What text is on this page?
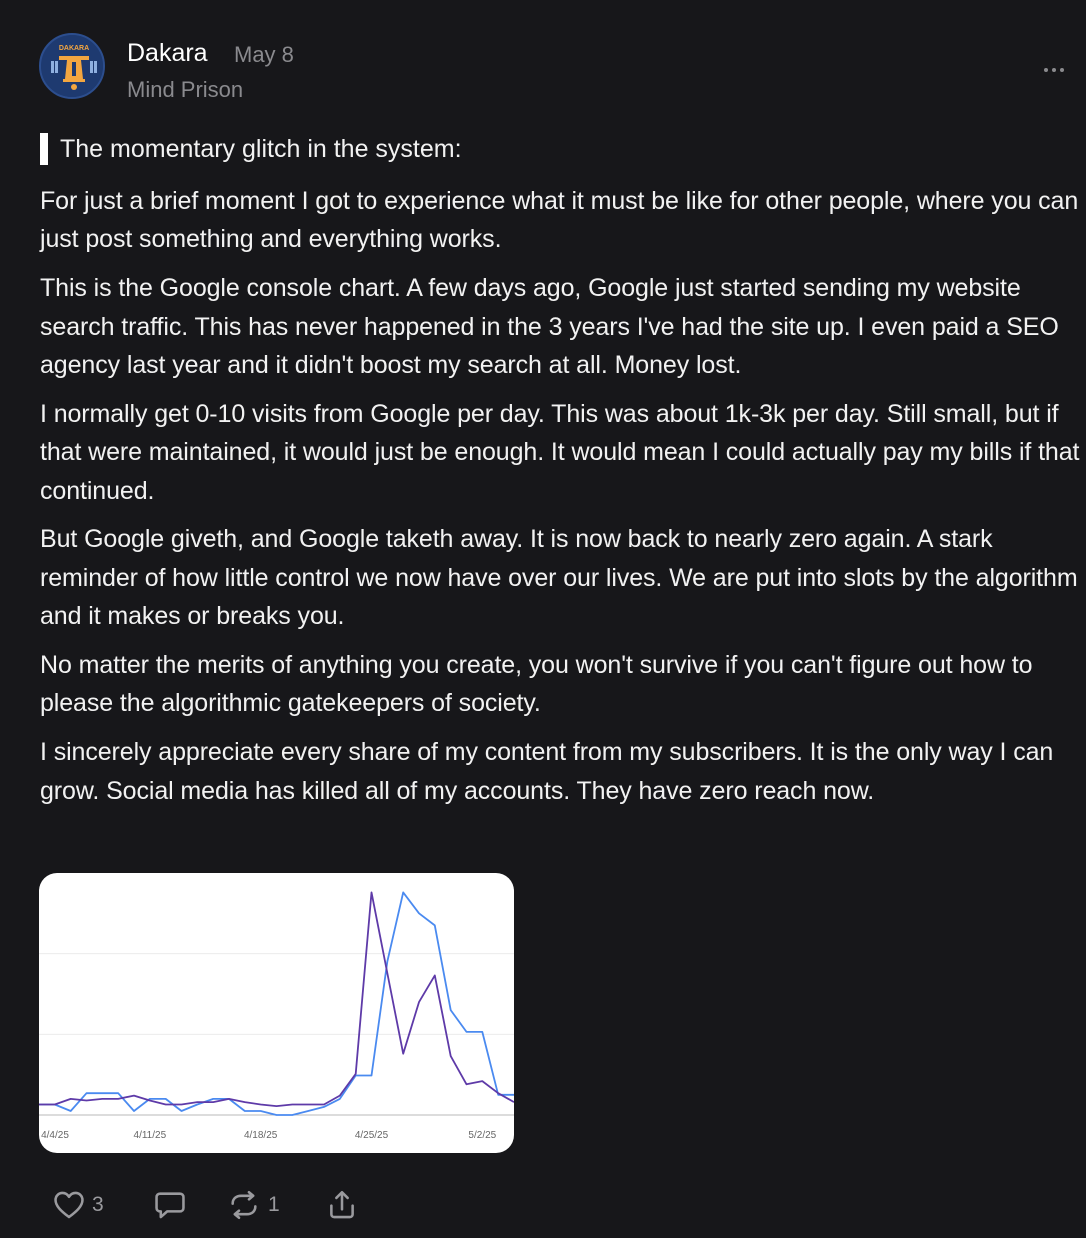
DAKARA Dakara May 8
Mind Prison
The momentary glitch in the system:

For just a brief moment I got to experience what it must be like for other people, where you can just post something and everything works.

This is the Google console chart. A few days ago, Google just started sending my website search traffic. This has never happened in the 3 years I've had the site up. I even paid a SEO agency last year and it didn't boost my search at all. Money lost.

I normally get 0-10 visits from Google per day. This was about 1k-3k per day. Still small, but if that were maintained, it would just be enough. It would mean I could actually pay my bills if that continued.

But Google giveth, and Google taketh away. It is now back to nearly zero again. A stark reminder of how little control we now have over our lives. We are put into slots by the algorithm and it makes or breaks you.

No matter the merits of anything you create, you won't survive if you can't figure out how to please the algorithmic gatekeepers of society.

I sincerely appreciate every share of my content from my subscribers. It is the only way I can grow. Social media has killed all of my accounts. They have zero reach now.

4/4/25	4/11/25	4/18/25	4/25/25	5/2/25
3	1
